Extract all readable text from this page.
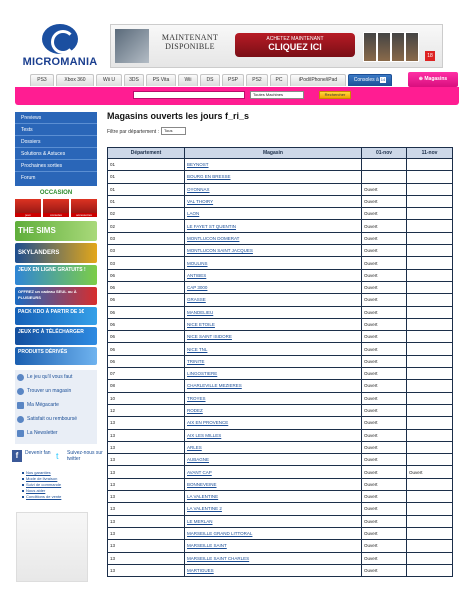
MICROMANIA
MAINTENANT
DISPONIBLE
ACHETEZ MAINTENANT
CLIQUEZ ICI
18
PS3	Xbox 360	Wii U	3DS	PS Vita	Wii	DS	PSP	PS2	PC	iPod/iPhone/iPad	Consoles à 14	⊕ Magasins
Toutes Machines	Rechercher
Previews
Tests
Dossiers
Solutions & Astuces
Prochaines sorties
Forum
OCCASION
jeux	consoles	accessoires
THE SIMS
SKYLANDERS
JEUX EN LIGNE GRATUITS !
OFFREZ un cadeau SEUL ou À PLUSIEURS
PACK KDO À PARTIR DE 1€
JEUX PC À TÉLÉCHARGER
PRODUITS DÉRIVÉS
Le jeu qu'il vous faut
Trouver un magasin
Ma Mégacarte
Satisfait ou remboursé
La Newsletter
f	Devenir fan t	Suivez-nous sur twitter
Nos garanties
Mode de livraison
Suivi de commande
Nous aider
Conditions de vente
Magasins ouverts les jours f_ri_s
Filtre par département :	Tous
Département	Magasin	01-nov	11-nov
01	BEYNOST		
01	BOURG EN BRESSE		
01	OYONNAX	Ouvert	
01	VAL THOIRY	Ouvert	
02	LAON	Ouvert	
02	LE FAYET ST QUENTIN	Ouvert	
03	MONTLUCON DOMERAT	Ouvert	
03	MONTLUCON SAINT JACQUES	Ouvert	
03	MOULINS	Ouvert	
06	ANTIBES	Ouvert	
06	CAP 3000	Ouvert	
06	GRASSE	Ouvert	
06	MANDELIEU	Ouvert	
06	NICE ETOILE	Ouvert	
06	NICE SAINT ISIDORE	Ouvert	
06	NICE TNL	Ouvert	
06	TRINITE	Ouvert	
07	LINGOSTIERE	Ouvert	
08	CHARLEVILLE MEZIERES	Ouvert	
10	TROYES	Ouvert	
12	RODEZ	Ouvert	
13	AIX EN PROVENCE	Ouvert	
13	AIX LES MILLES	Ouvert	
13	ARLES	Ouvert	
13	AUBAGNE	Ouvert	
13	AVANT CAP	Ouvert	Ouvert
13	BONNEVEINE	Ouvert	
13	LA VALENTINE	Ouvert	
13	LA VALENTINE 2	Ouvert	
13	LE MERLAN	Ouvert	
13	MARSEILLE GRAND LITTORAL	Ouvert	
13	MARSEILLE SAINT	Ouvert	
13	MARSEILLE SAINT CHARLES	Ouvert	
13	MARTIGUES	Ouvert	
